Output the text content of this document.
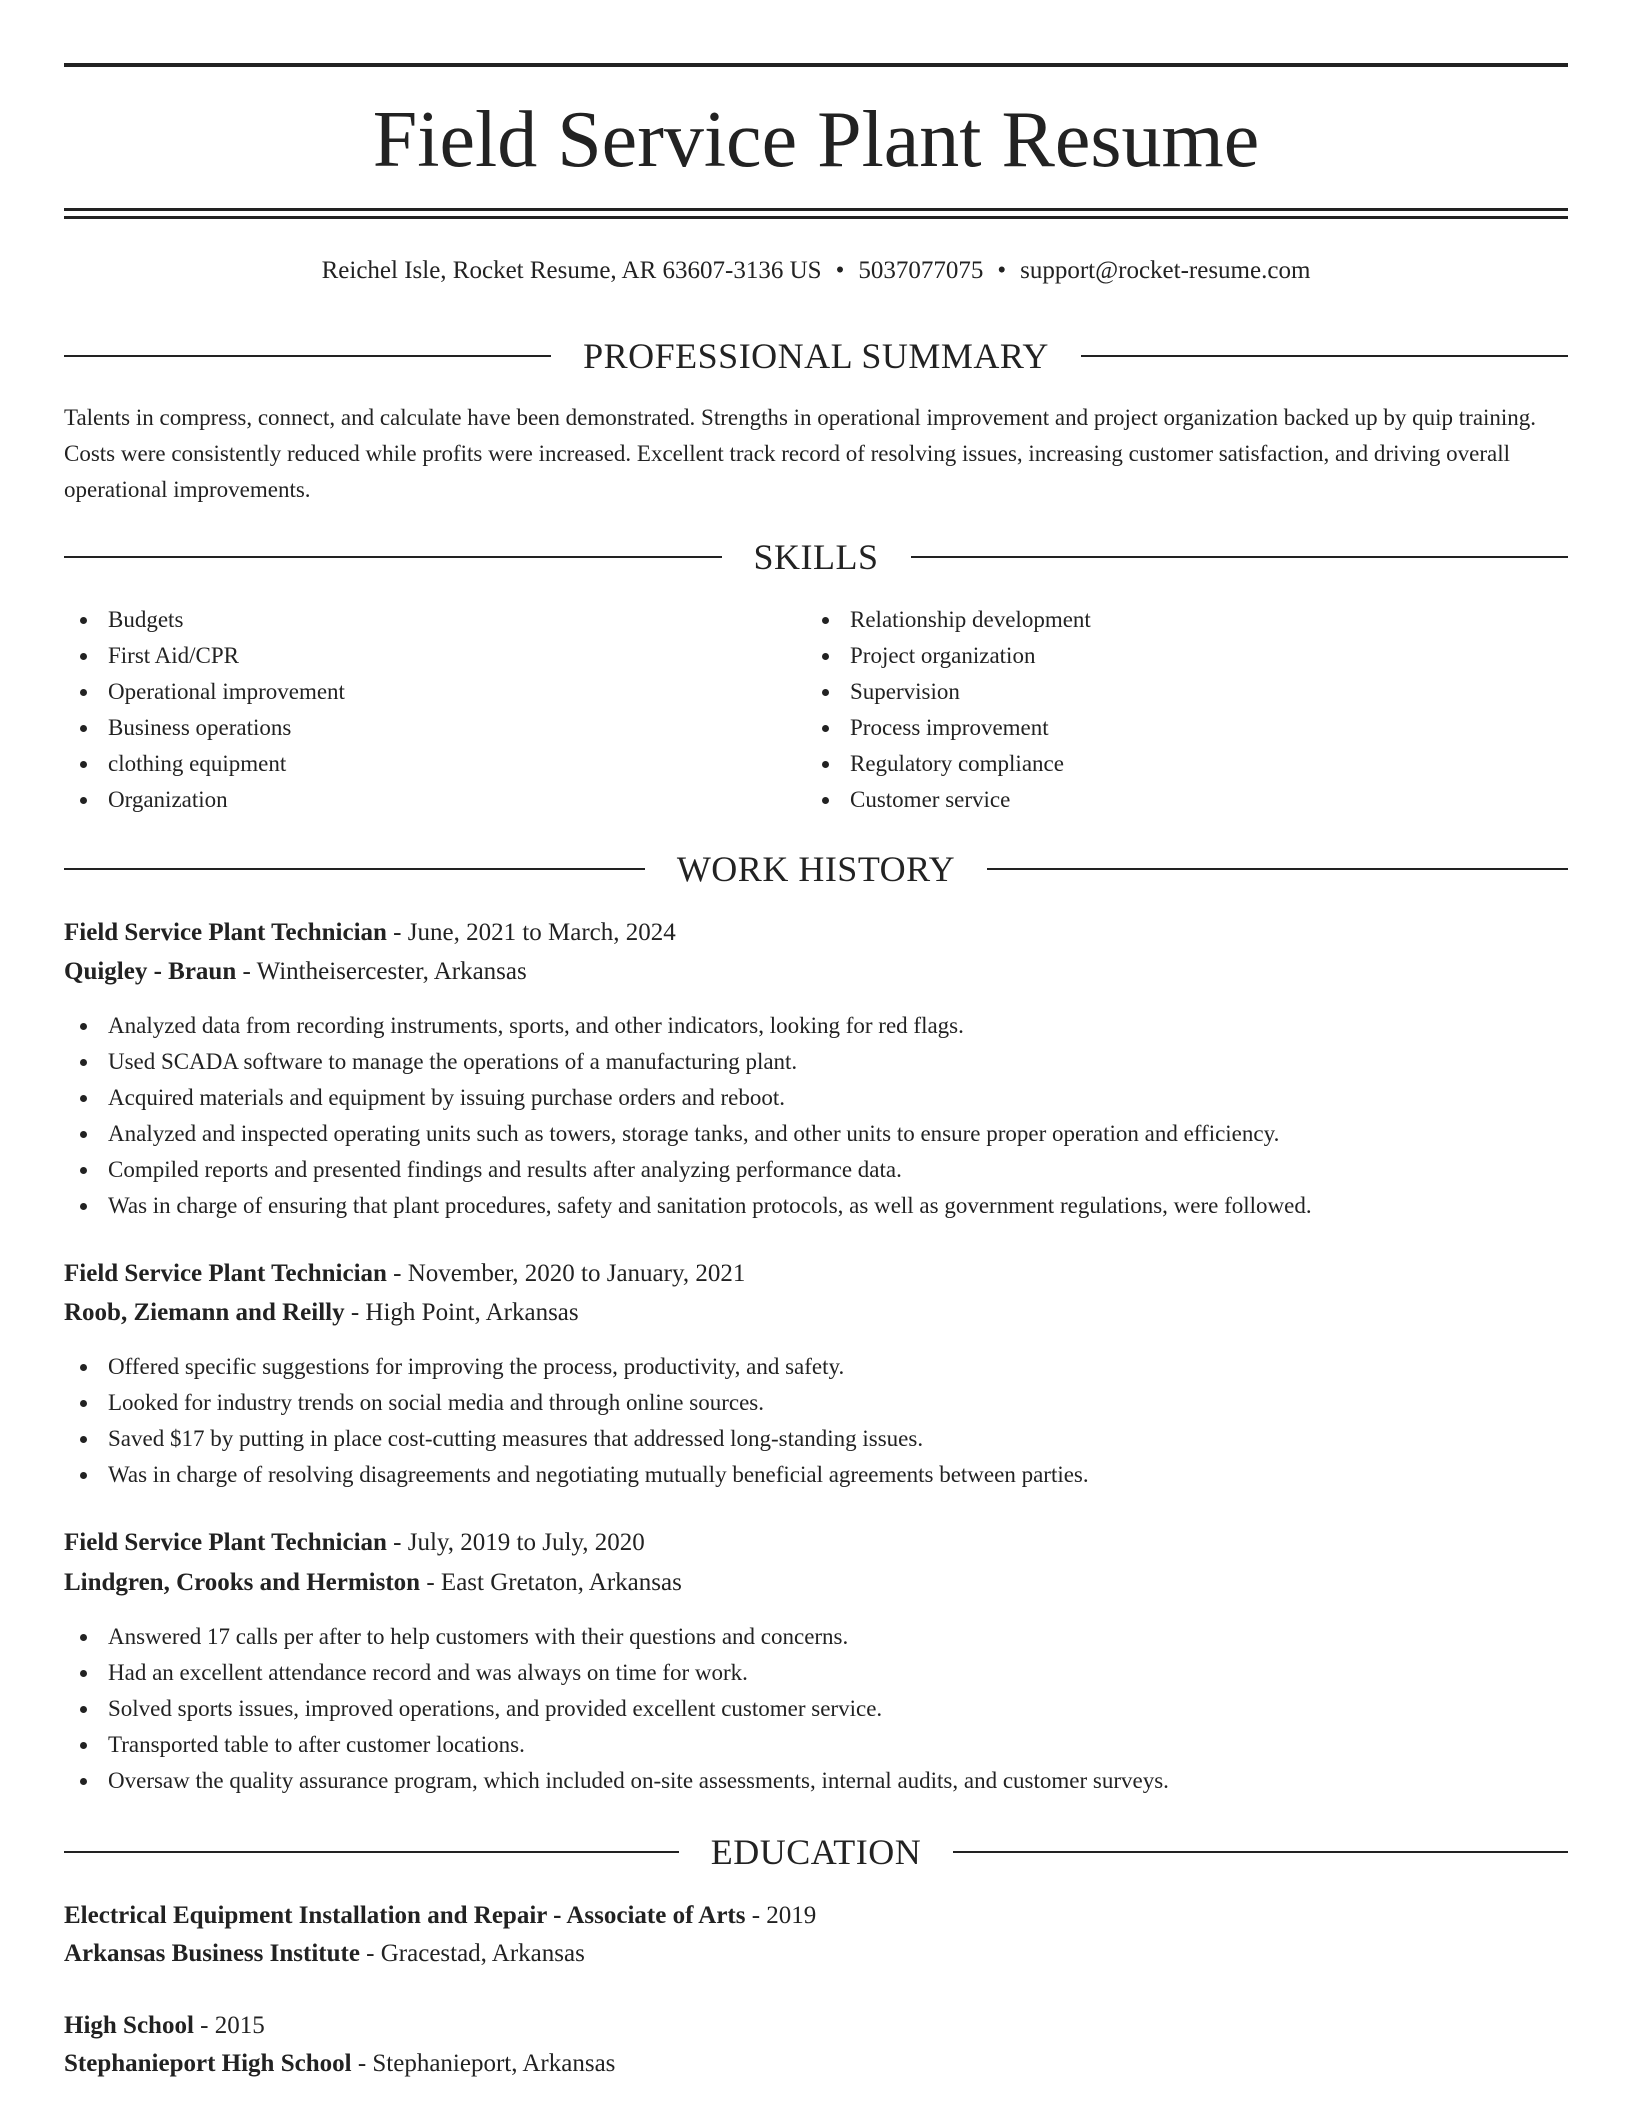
Field Service Plant Resume
Reichel Isle, Rocket Resume, AR 63607-3136 US • 5037077075 • support@rocket-resume.com
PROFESSIONAL SUMMARY

Talents in compress, connect, and calculate have been demonstrated. Strengths in operational improvement and project organization backed up by quip training. Costs were consistently reduced while profits were increased. Excellent track record of resolving issues, increasing customer satisfaction, and driving overall operational improvements.

SKILLS
Budgets
First Aid/CPR
Operational improvement
Business operations
clothing equipment
Organization
Relationship development
Project organization
Supervision
Process improvement
Regulatory compliance
Customer service
WORK HISTORY
Field Service Plant Technician - June, 2021 to March, 2024
Quigley - Braun - Wintheisercester, Arkansas
Analyzed data from recording instruments, sports, and other indicators, looking for red flags.
Used SCADA software to manage the operations of a manufacturing plant.
Acquired materials and equipment by issuing purchase orders and reboot.
Analyzed and inspected operating units such as towers, storage tanks, and other units to ensure proper operation and efficiency.
Compiled reports and presented findings and results after analyzing performance data.
Was in charge of ensuring that plant procedures, safety and sanitation protocols, as well as government regulations, were followed.
Field Service Plant Technician - November, 2020 to January, 2021
Roob, Ziemann and Reilly - High Point, Arkansas
Offered specific suggestions for improving the process, productivity, and safety.
Looked for industry trends on social media and through online sources.
Saved $17 by putting in place cost-cutting measures that addressed long-standing issues.
Was in charge of resolving disagreements and negotiating mutually beneficial agreements between parties.
Field Service Plant Technician - July, 2019 to July, 2020
Lindgren, Crooks and Hermiston - East Gretaton, Arkansas
Answered 17 calls per after to help customers with their questions and concerns.
Had an excellent attendance record and was always on time for work.
Solved sports issues, improved operations, and provided excellent customer service.
Transported table to after customer locations.
Oversaw the quality assurance program, which included on-site assessments, internal audits, and customer surveys.
EDUCATION
Electrical Equipment Installation and Repair - Associate of Arts - 2019
Arkansas Business Institute - Gracestad, Arkansas
High School - 2015
Stephanieport High School - Stephanieport, Arkansas
